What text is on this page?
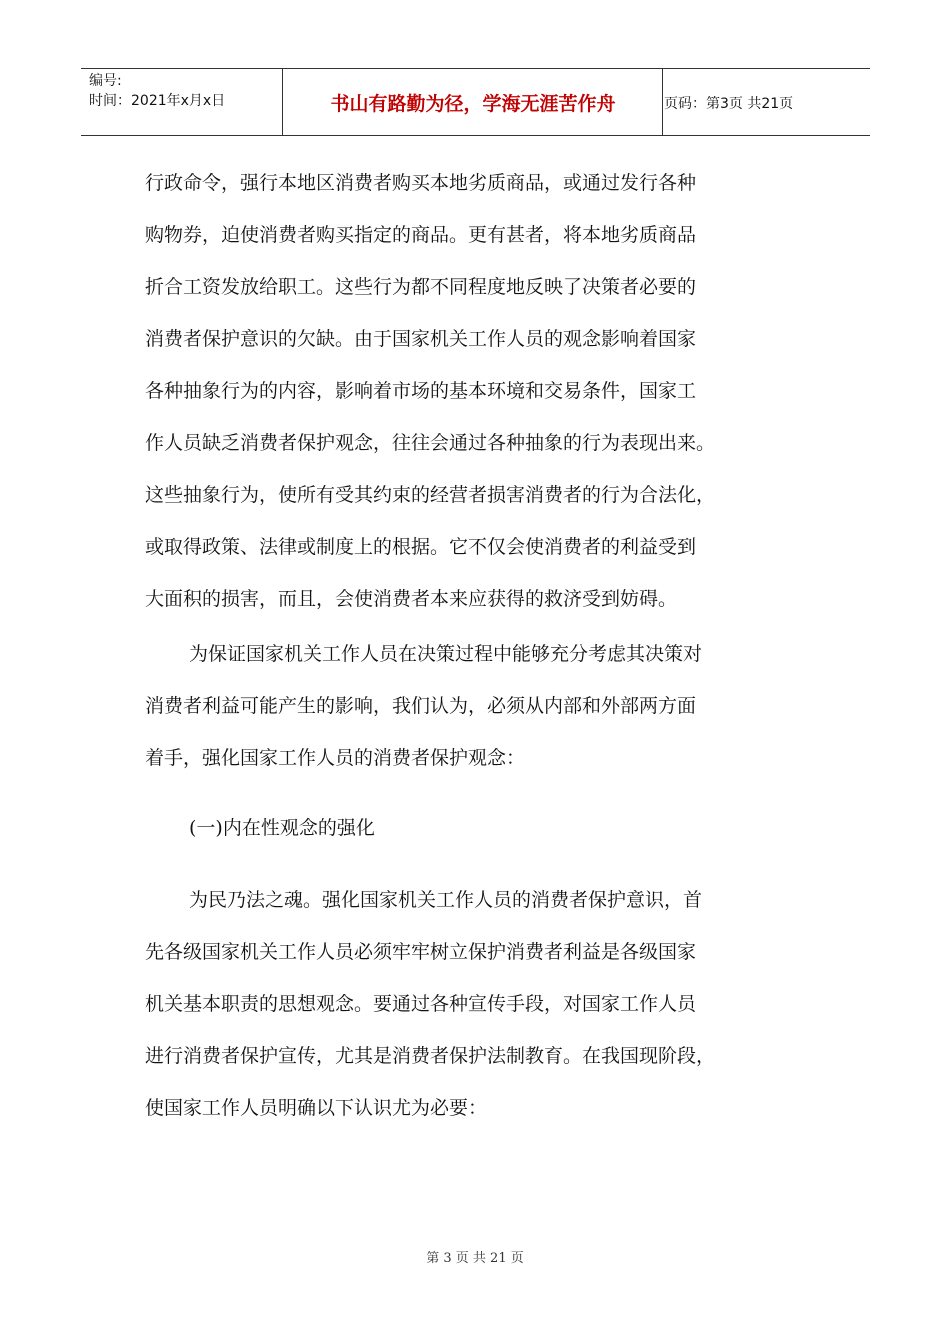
编号:
时间：2021年x月x日	书山有路勤为径，学海无涯苦作舟	页码：第3页 共21页
行政命令，强行本地区消费者购买本地劣质商品，或通过发行各种
购物券，迫使消费者购买指定的商品。更有甚者，将本地劣质商品
折合工资发放给职工。这些行为都不同程度地反映了决策者必要的
消费者保护意识的欠缺。由于国家机关工作人员的观念影响着国家
各种抽象行为的内容，影响着市场的基本环境和交易条件，国家工
作人员缺乏消费者保护观念，往往会通过各种抽象的行为表现出来。
这些抽象行为，使所有受其约束的经营者损害消费者的行为合法化，
或取得政策、法律或制度上的根据。它不仅会使消费者的利益受到
大面积的损害，而且，会使消费者本来应获得的救济受到妨碍。
为保证国家机关工作人员在决策过程中能够充分考虑其决策对
消费者利益可能产生的影响，我们认为，必须从内部和外部两方面
着手，强化国家工作人员的消费者保护观念：
(一)内在性观念的强化
为民乃法之魂。强化国家机关工作人员的消费者保护意识，首
先各级国家机关工作人员必须牢牢树立保护消费者利益是各级国家
机关基本职责的思想观念。要通过各种宣传手段，对国家工作人员
进行消费者保护宣传，尤其是消费者保护法制教育。在我国现阶段，
使国家工作人员明确以下认识尤为必要：
第 3 页 共 21 页
